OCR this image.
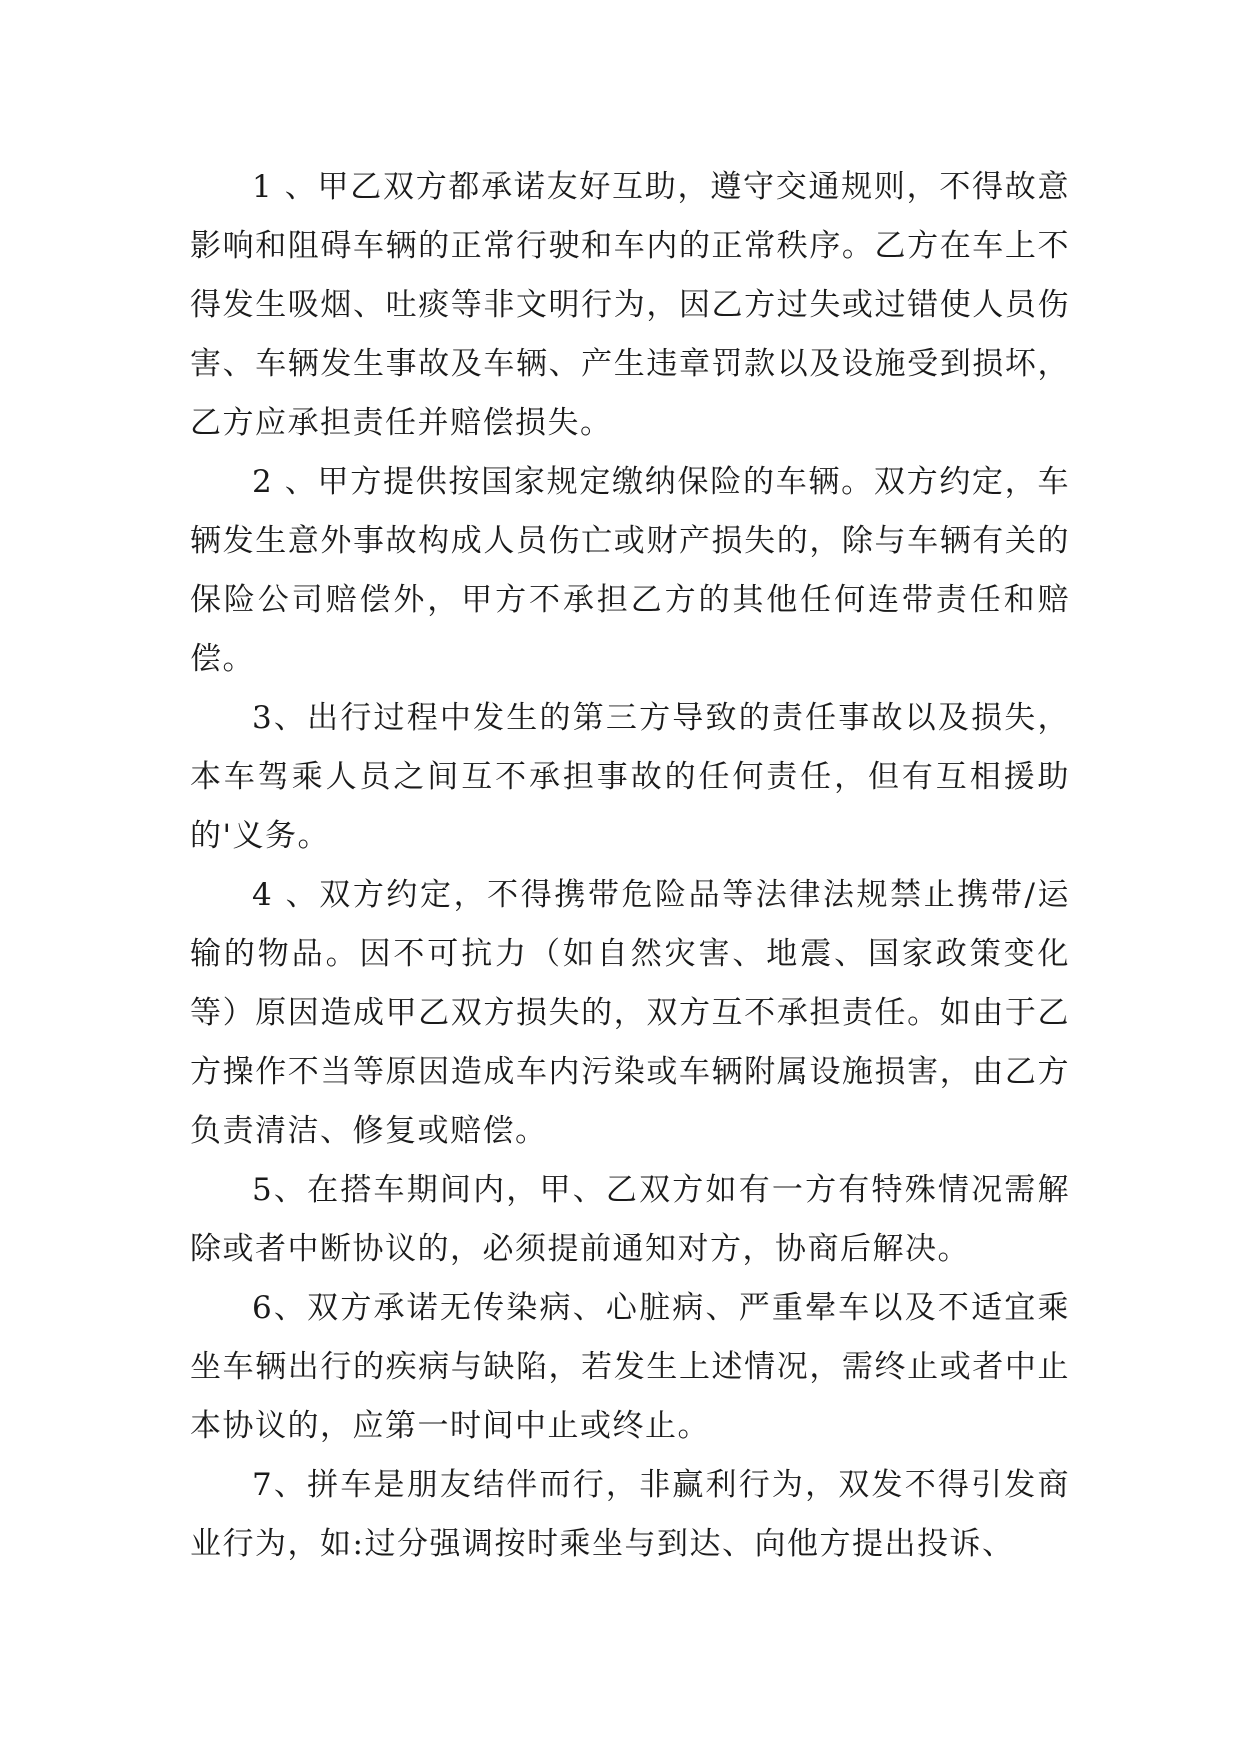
1 、甲乙双方都承诺友好互助，遵守交通规则，不得故意影响和阻碍车辆的正常行驶和车内的正常秩序。乙方在车上不得发生吸烟、吐痰等非文明行为，因乙方过失或过错使人员伤害、车辆发生事故及车辆、产生违章罚款以及设施受到损坏，乙方应承担责任并赔偿损失。

2 、甲方提供按国家规定缴纳保险的车辆。双方约定，车辆发生意外事故构成人员伤亡或财产损失的，除与车辆有关的保险公司赔偿外，甲方不承担乙方的其他任何连带责任和赔偿。

3、出行过程中发生的第三方导致的责任事故以及损失，本车驾乘人员之间互不承担事故的任何责任，但有互相援助的'义务。

4 、双方约定，不得携带危险品等法律法规禁止携带/运输的物品。因不可抗力（如自然灾害、地震、国家政策变化等）原因造成甲乙双方损失的，双方互不承担责任。如由于乙方操作不当等原因造成车内污染或车辆附属设施损害，由乙方负责清洁、修复或赔偿。

5、在搭车期间内，甲、乙双方如有一方有特殊情况需解除或者中断协议的，必须提前通知对方，协商后解决。

6、双方承诺无传染病、心脏病、严重晕车以及不适宜乘坐车辆出行的疾病与缺陷，若发生上述情况，需终止或者中止本协议的，应第一时间中止或终止。

7、拼车是朋友结伴而行，非赢利行为，双发不得引发商业行为，如:过分强调按时乘坐与到达、向他方提出投诉、
